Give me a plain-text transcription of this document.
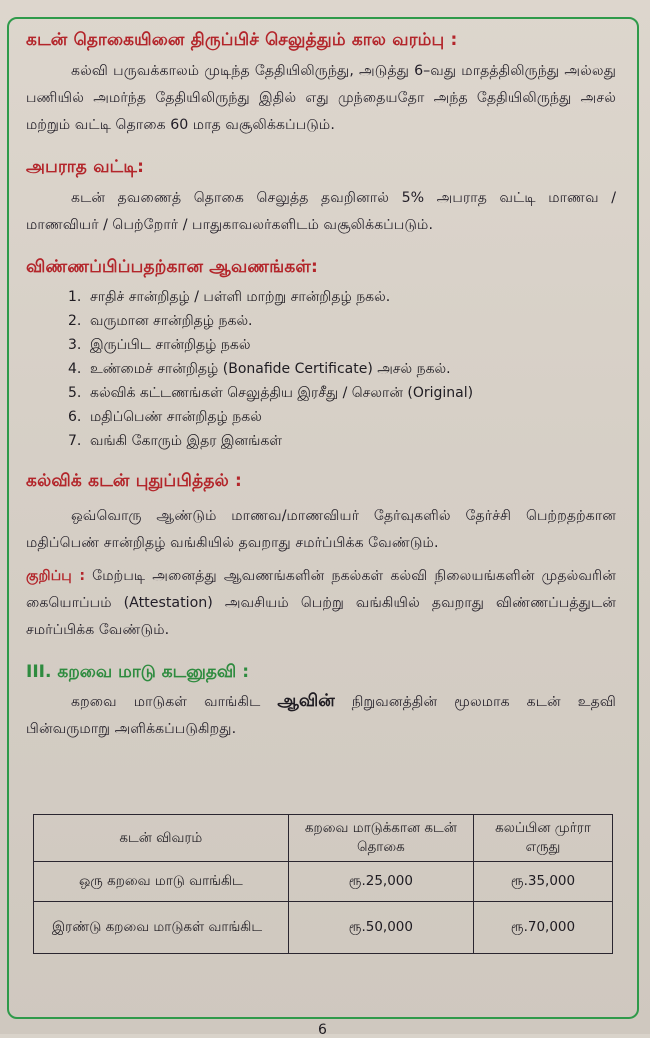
கடன் தொகையினை திருப்பிச் செலுத்தும் கால வரம்பு :

கல்வி பருவக்காலம் முடிந்த தேதியிலிருந்து, அடுத்து 6–வது மாதத்திலிருந்து அல்லது பணியில் அமர்ந்த தேதியிலிருந்து இதில் எது முந்தையதோ அந்த தேதியிலிருந்து அசல் மற்றும் வட்டி தொகை 60 மாத வசூலிக்கப்படும்.

அபராத வட்டி:

கடன் தவணைத் தொகை செலுத்த தவறினால் 5% அபராத வட்டி மாணவ / மாணவியர் / பெற்றோர் / பாதுகாவலர்களிடம் வசூலிக்கப்படும்.

விண்ணப்பிப்பதற்கான ஆவணங்கள்:
1. சாதிச் சான்றிதழ் / பள்ளி மாற்று சான்றிதழ் நகல்.
2. வருமான சான்றிதழ் நகல்.
3. இருப்பிட சான்றிதழ் நகல்
4. உண்மைச் சான்றிதழ் (Bonafide Certificate) அசல் நகல்.
5. கல்விக் கட்டணங்கள் செலுத்திய இரசீது / செலான் (Original)
6. மதிப்பெண் சான்றிதழ் நகல்
7. வங்கி கோரும் இதர இனங்கள்
கல்விக் கடன் புதுப்பித்தல் :

ஒவ்வொரு ஆண்டும் மாணவ/மாணவியர் தேர்வுகளில் தேர்ச்சி பெற்றதற்கான மதிப்பெண் சான்றிதழ் வங்கியில் தவறாது சமர்ப்பிக்க வேண்டும்.

குறிப்பு : மேற்படி அனைத்து ஆவணங்களின் நகல்கள் கல்வி நிலையங்களின் முதல்வரின் கையொப்பம் (Attestation) அவசியம் பெற்று வங்கியில் தவறாது விண்ணப்பத்துடன் சமர்ப்பிக்க வேண்டும்.

III. கறவை மாடு கடனுதவி :

கறவை மாடுகள் வாங்கிட ஆவின் நிறுவனத்தின் மூலமாக கடன் உதவி பின்வருமாறு அளிக்கப்படுகிறது.

கடன் விவரம்	கறவை மாடுக்கான கடன் தொகை	கலப்பின முர்ரா எருது
ஒரு கறவை மாடு வாங்கிட	ரூ.25,000	ரூ.35,000
இரண்டு கறவை மாடுகள் வாங்கிட	ரூ.50,000	ரூ.70,000
6
